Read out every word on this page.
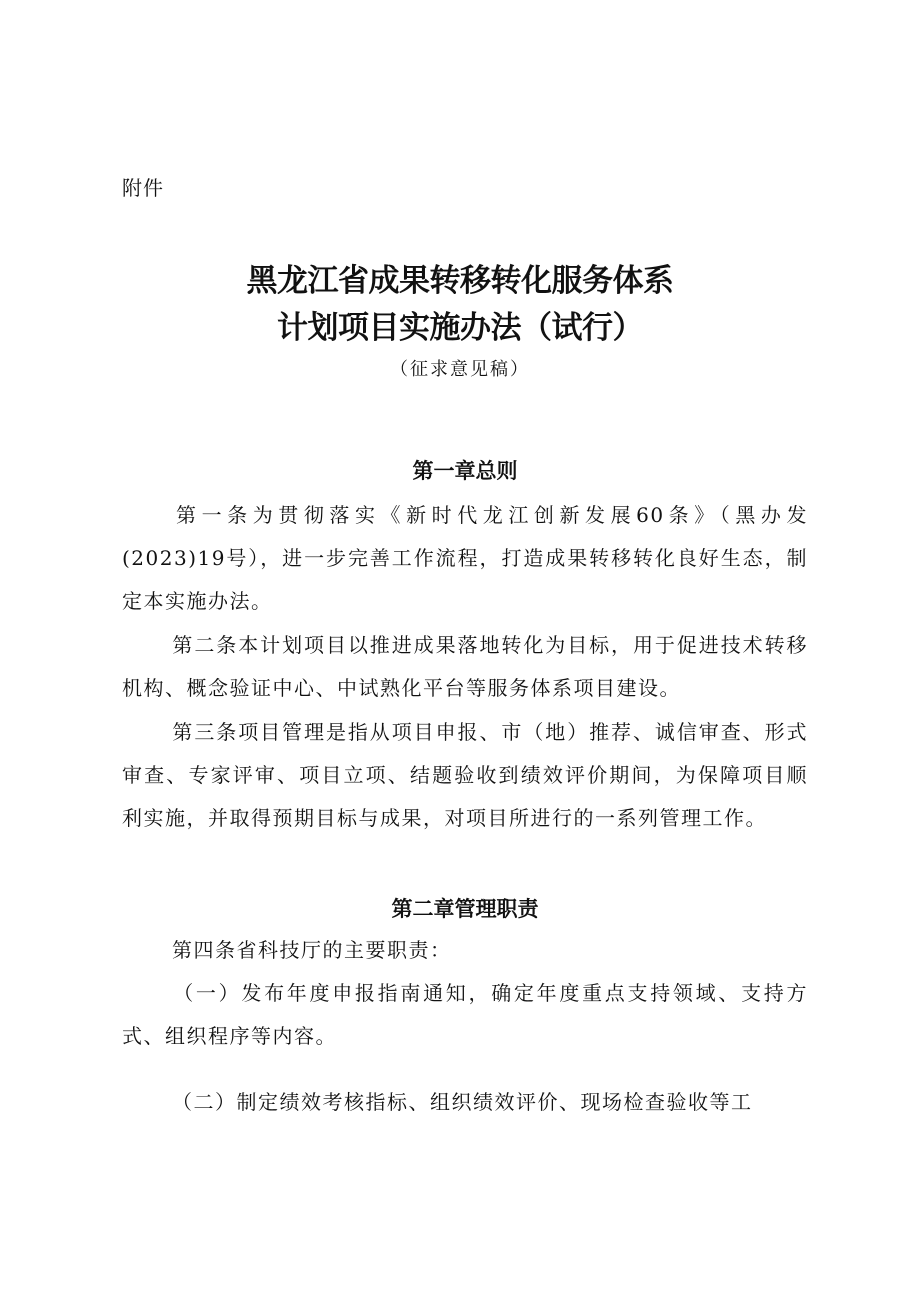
附件
黑龙江省成果转移转化服务体系
计划项目实施办法（试行）
（征求意见稿）
第一章总则
第一条为贯彻落实《新时代龙江创新发展60条》（黑办发(2023)19号），进一步完善工作流程，打造成果转移转化良好生态，制定本实施办法。
第二条本计划项目以推进成果落地转化为目标，用于促进技术转移机构、概念验证中心、中试熟化平台等服务体系项目建设。
第三条项目管理是指从项目申报、市（地）推荐、诚信审查、形式审查、专家评审、项目立项、结题验收到绩效评价期间，为保障项目顺利实施，并取得预期目标与成果，对项目所进行的一系列管理工作。
第二章管理职责
第四条省科技厅的主要职责：
（一）发布年度申报指南通知，确定年度重点支持领域、支持方式、组织程序等内容。
（二）制定绩效考核指标、组织绩效评价、现场检查验收等工
